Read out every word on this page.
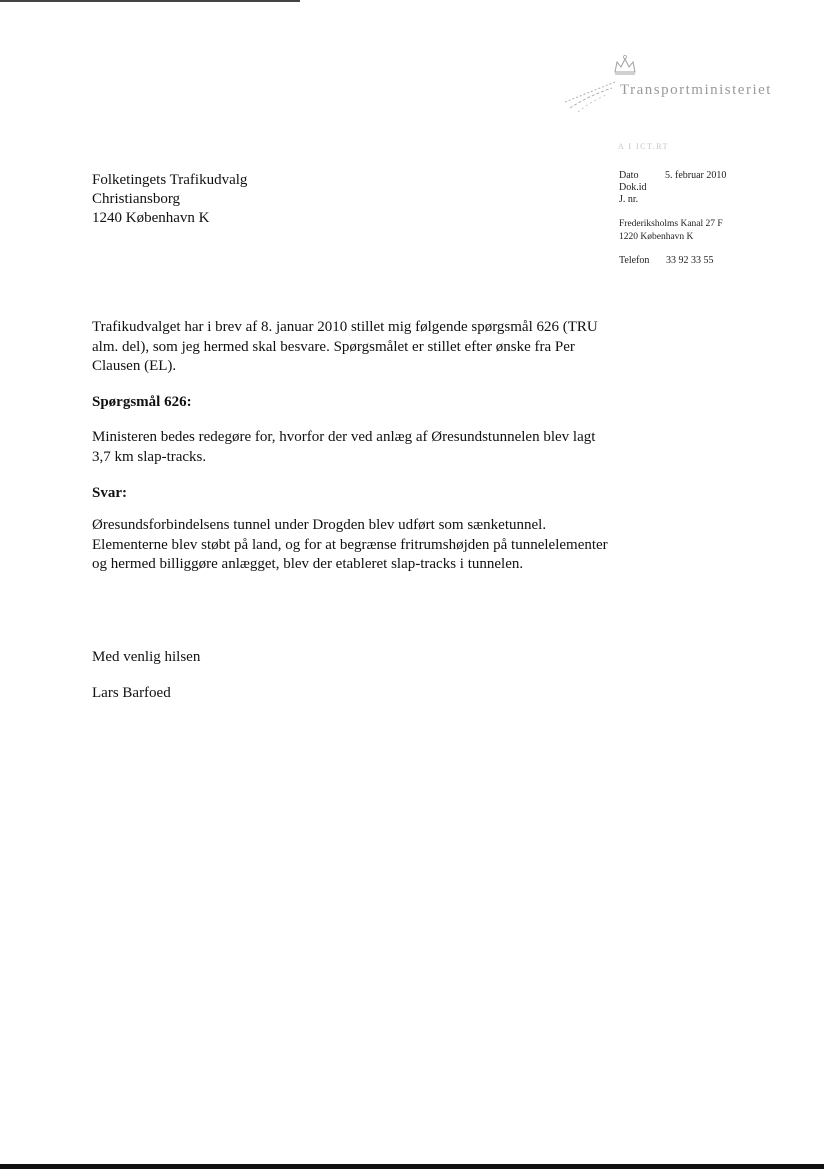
Transportministeriet
A I ICT.RT
Dato	5. februar 2010
Dok.id
J. nr.
Frederiksholms Kanal 27 F
1220 København K
Telefon 33 92 33 55
Folketingets Trafikudvalg
Christiansborg
1240 København K
Trafikudvalget har i brev af 8. januar 2010 stillet mig følgende spørgsmål 626 (TRU alm. del), som jeg hermed skal besvare. Spørgsmålet er stillet efter ønske fra Per Clausen (EL).
Spørgsmål 626:
Ministeren bedes redegøre for, hvorfor der ved anlæg af Øresundstunnelen blev lagt 3,7 km slap-tracks.
Svar:
Øresundsforbindelsens tunnel under Drogden blev udført som sænketunnel. Elementerne blev støbt på land, og for at begrænse fritrumshøjden på tunnelelementer og hermed billiggøre anlægget, blev der etableret slap-tracks i tunnelen.
Med venlig hilsen
Lars Barfoed
